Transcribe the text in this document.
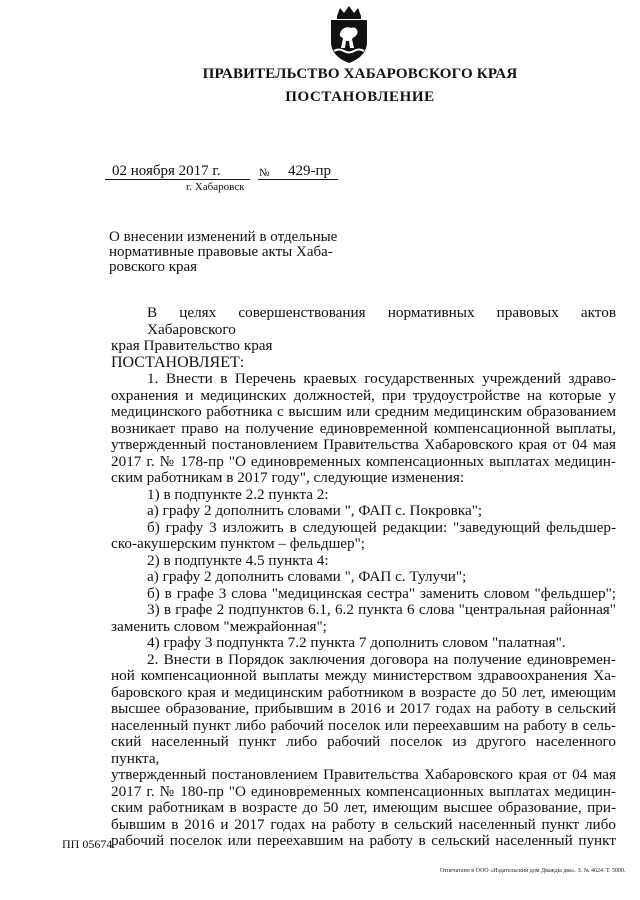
ПРАВИТЕЛЬСТВО ХАБАРОВСКОГО КРАЯ
ПОСТАНОВЛЕНИЕ
02 ноября 2017 г.	№ 429-пр
г. Хабаровск
О внесении изменений в отдельные
нормативные правовые акты Хаба-
ровского края
В целях совершенствования нормативных правовых актов Хабаровского
края Правительство края
ПОСТАНОВЛЯЕТ:
1. Внести в Перечень краевых государственных учреждений здраво-
охранения и медицинских должностей, при трудоустройстве на которые у
медицинского работника с высшим или средним медицинским образованием
возникает право на получение единовременной компенсационной выплаты,
утвержденный постановлением Правительства Хабаровского края от 04 мая
2017 г. № 178-пр "О единовременных компенсационных выплатах медицин-
ским работникам в 2017 году", следующие изменения:
1) в подпункте 2.2 пункта 2:
а) графу 2 дополнить словами ", ФАП с. Покровка";
б) графу 3 изложить в следующей редакции: "заведующий фельдшер-
ско-акушерским пунктом – фельдшер";
2) в подпункте 4.5 пункта 4:
а) графу 2 дополнить словами ", ФАП с. Тулучи";
б) в графе 3 слова "медицинская сестра" заменить словом "фельдшер";
3) в графе 2 подпунктов 6.1, 6.2 пункта 6 слова "центральная районная"
заменить словом "межрайонная";
4) графу 3 подпункта 7.2 пункта 7 дополнить словом "палатная".
2. Внести в Порядок заключения договора на получение единовремен-
ной компенсационной выплаты между министерством здравоохранения Ха-
баровского края и медицинским работником в возрасте до 50 лет, имеющим
высшее образование, прибывшим в 2016 и 2017 годах на работу в сельский
населенный пункт либо рабочий поселок или переехавшим на работу в сель-
ский населенный пункт либо рабочий поселок из другого населенного пункта,
утвержденный постановлением Правительства Хабаровского края от 04 мая
2017 г. № 180-пр "О единовременных компенсационных выплатах медицин-
ским работникам в возрасте до 50 лет, имеющим высшее образование, при-
бывшим в 2016 и 2017 годах на работу в сельский населенный пункт либо
рабочий поселок или переехавшим на работу в сельский населенный пункт
ПП 05674
Отпечатано в ООО «Издательский дом Дважды два». З. № 4624. Т. 5000.
